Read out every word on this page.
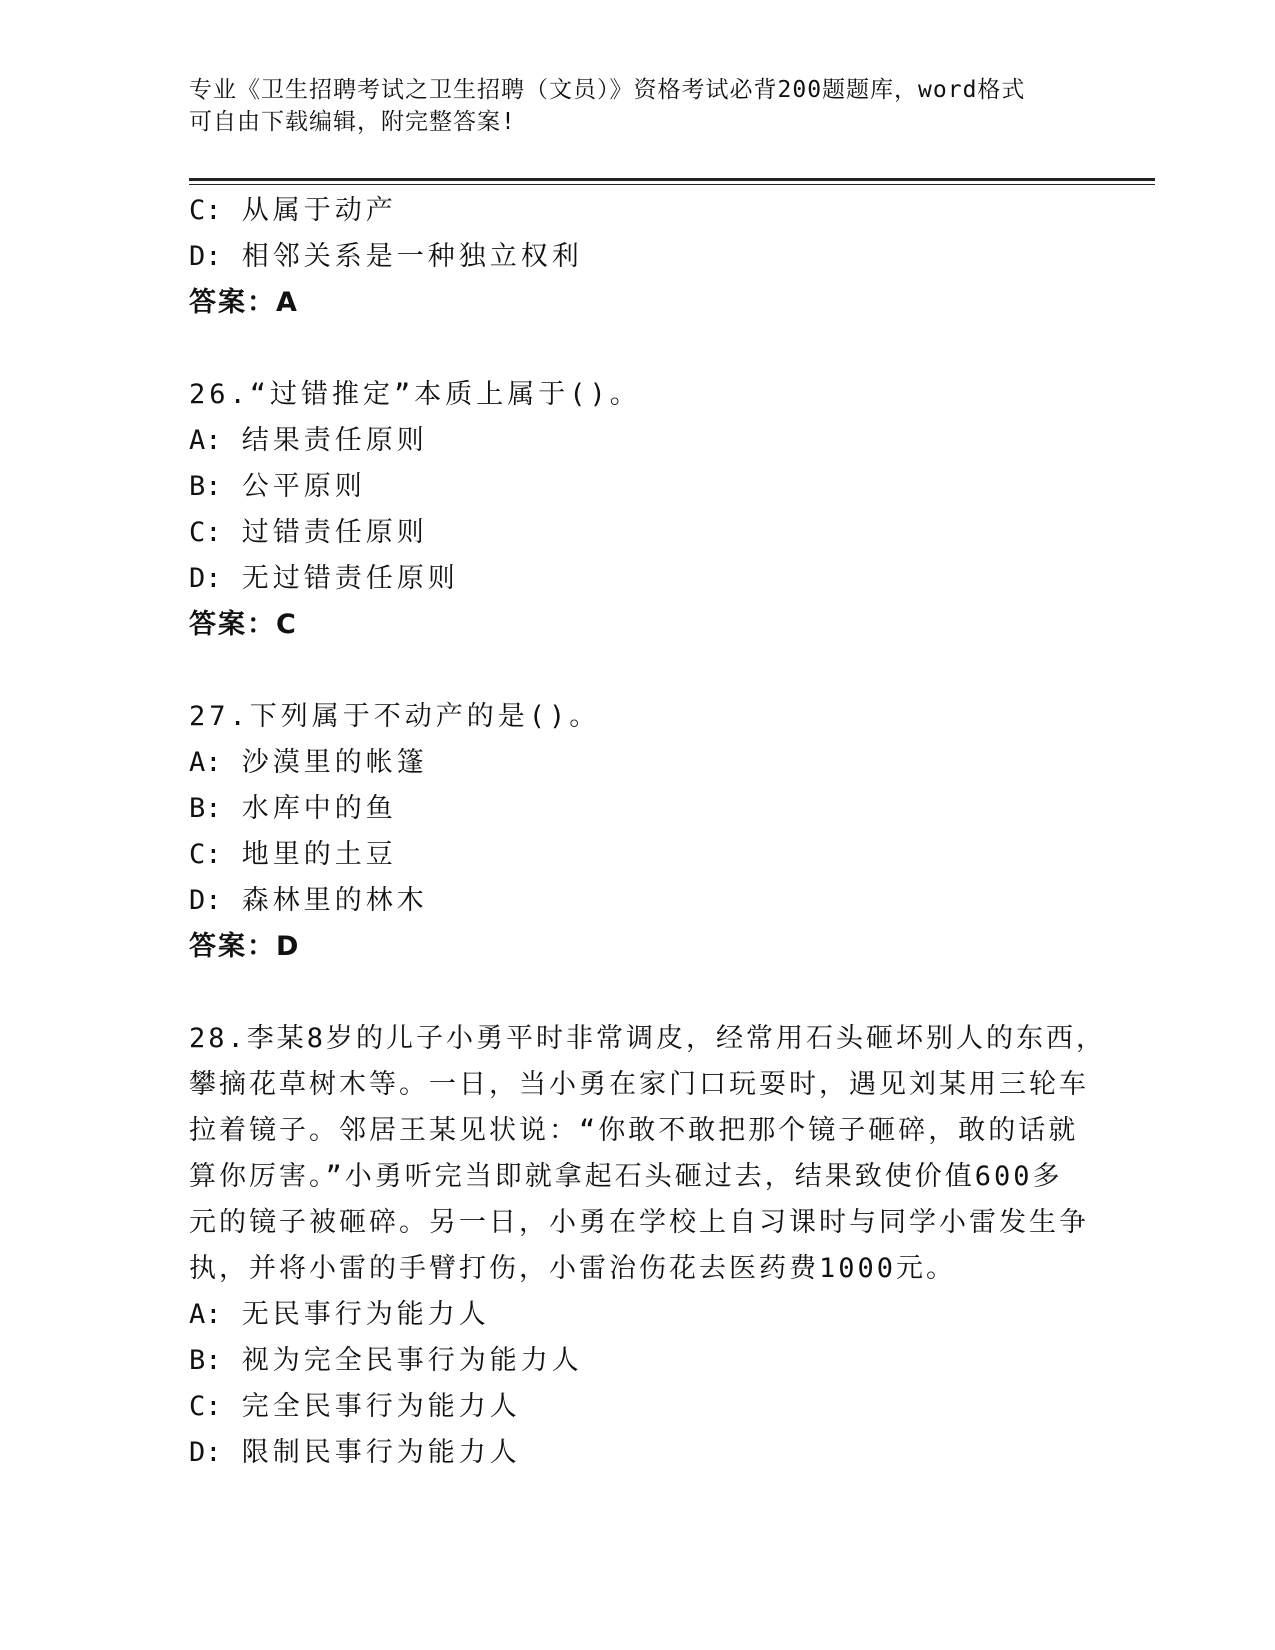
专业《卫生招聘考试之卫生招聘（文员）》资格考试必背200题题库，word格式
可自由下载编辑，附完整答案!
C: 从属于动产
D: 相邻关系是一种独立权利
答案：A
26.“过错推定”本质上属于()。
A: 结果责任原则
B: 公平原则
C: 过错责任原则
D: 无过错责任原则
答案：C
27.下列属于不动产的是()。
A: 沙漠里的帐篷
B: 水库中的鱼
C: 地里的土豆
D: 森林里的林木
答案：D
28.李某8岁的儿子小勇平时非常调皮，经常用石头砸坏别人的东西，
攀摘花草树木等。一日，当小勇在家门口玩耍时，遇见刘某用三轮车
拉着镜子。邻居王某见状说：“你敢不敢把那个镜子砸碎，敢的话就
算你厉害。”小勇听完当即就拿起石头砸过去，结果致使价值600多
元的镜子被砸碎。另一日，小勇在学校上自习课时与同学小雷发生争
执，并将小雷的手臂打伤，小雷治伤花去医药费1000元。
A: 无民事行为能力人
B: 视为完全民事行为能力人
C: 完全民事行为能力人
D: 限制民事行为能力人
